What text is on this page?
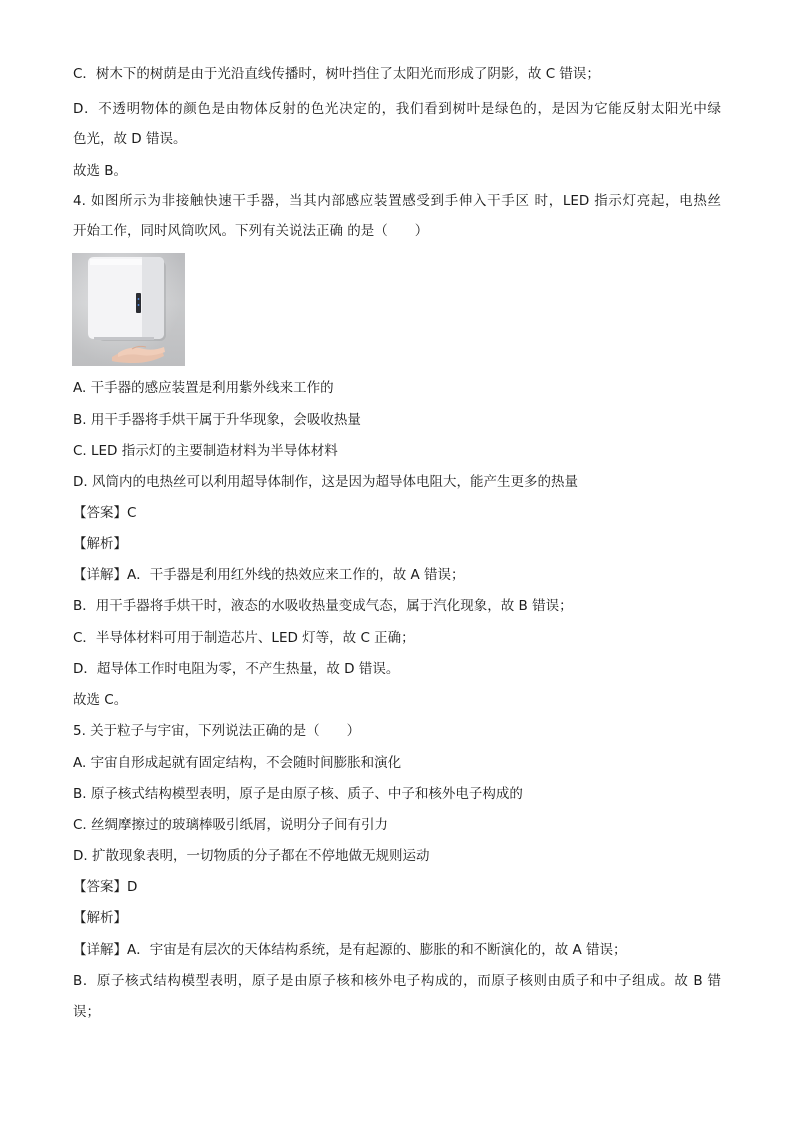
C．树木下的树荫是由于光沿直线传播时，树叶挡住了太阳光而形成了阴影，故 C 错误；
D．不透明物体的颜色是由物体反射的色光决定的，我们看到树叶是绿色的，是因为它能反射太阳光中绿
色光，故 D 错误。
故选 B。
4. 如图所示为非接触快速干手器，当其内部感应装置感受到手伸入干手区 时，LED 指示灯亮起，电热丝
开始工作，同时风筒吹风。下列有关说法正确 的是（　　）
A. 干手器的感应装置是利用紫外线来工作的
B. 用干手器将手烘干属于升华现象，会吸收热量
C. LED 指示灯的主要制造材料为半导体材料
D. 风筒内的电热丝可以利用超导体制作，这是因为超导体电阻大，能产生更多的热量
【答案】C
【解析】
【详解】A．干手器是利用红外线的热效应来工作的，故 A 错误；
B．用干手器将手烘干时，液态的水吸收热量变成气态，属于汽化现象，故 B 错误；
C．半导体材料可用于制造芯片、LED 灯等，故 C 正确；
D．超导体工作时电阻为零，不产生热量，故 D 错误。
故选 C。
5. 关于粒子与宇宙，下列说法正确的是（　　）
A. 宇宙自形成起就有固定结构，不会随时间膨胀和演化
B. 原子核式结构模型表明，原子是由原子核、质子、中子和核外电子构成的
C. 丝绸摩擦过的玻璃棒吸引纸屑，说明分子间有引力
D. 扩散现象表明，一切物质的分子都在不停地做无规则运动
【答案】D
【解析】
【详解】A．宇宙是有层次的天体结构系统，是有起源的、膨胀的和不断演化的，故 A 错误；
B．原子核式结构模型表明，原子是由原子核和核外电子构成的，而原子核则由质子和中子组成。故 B 错
误；
